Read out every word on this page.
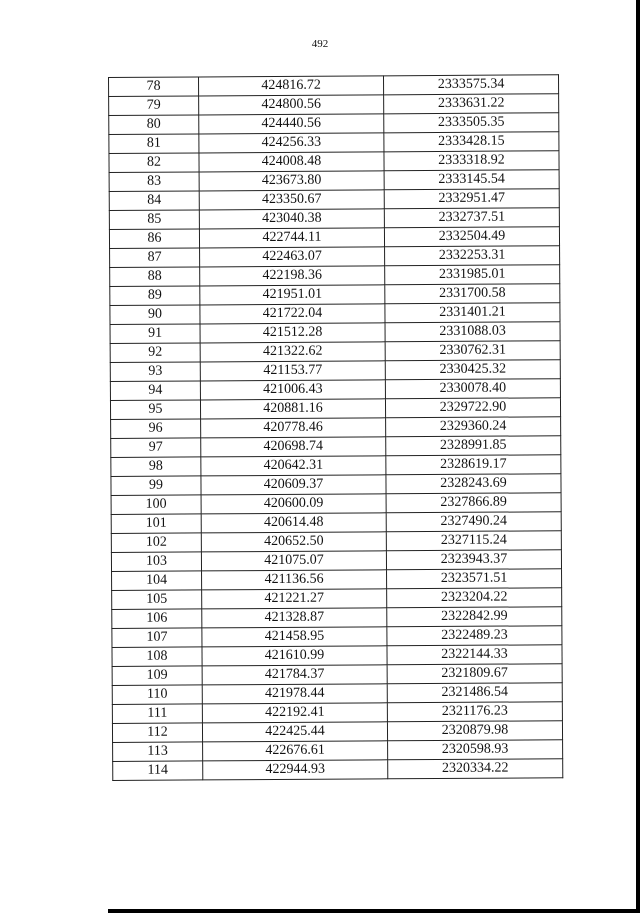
492
78	424816.72	2333575.34
79	424800.56	2333631.22
80	424440.56	2333505.35
81	424256.33	2333428.15
82	424008.48	2333318.92
83	423673.80	2333145.54
84	423350.67	2332951.47
85	423040.38	2332737.51
86	422744.11	2332504.49
87	422463.07	2332253.31
88	422198.36	2331985.01
89	421951.01	2331700.58
90	421722.04	2331401.21
91	421512.28	2331088.03
92	421322.62	2330762.31
93	421153.77	2330425.32
94	421006.43	2330078.40
95	420881.16	2329722.90
96	420778.46	2329360.24
97	420698.74	2328991.85
98	420642.31	2328619.17
99	420609.37	2328243.69
100	420600.09	2327866.89
101	420614.48	2327490.24
102	420652.50	2327115.24
103	421075.07	2323943.37
104	421136.56	2323571.51
105	421221.27	2323204.22
106	421328.87	2322842.99
107	421458.95	2322489.23
108	421610.99	2322144.33
109	421784.37	2321809.67
110	421978.44	2321486.54
111	422192.41	2321176.23
112	422425.44	2320879.98
113	422676.61	2320598.93
114	422944.93	2320334.22
